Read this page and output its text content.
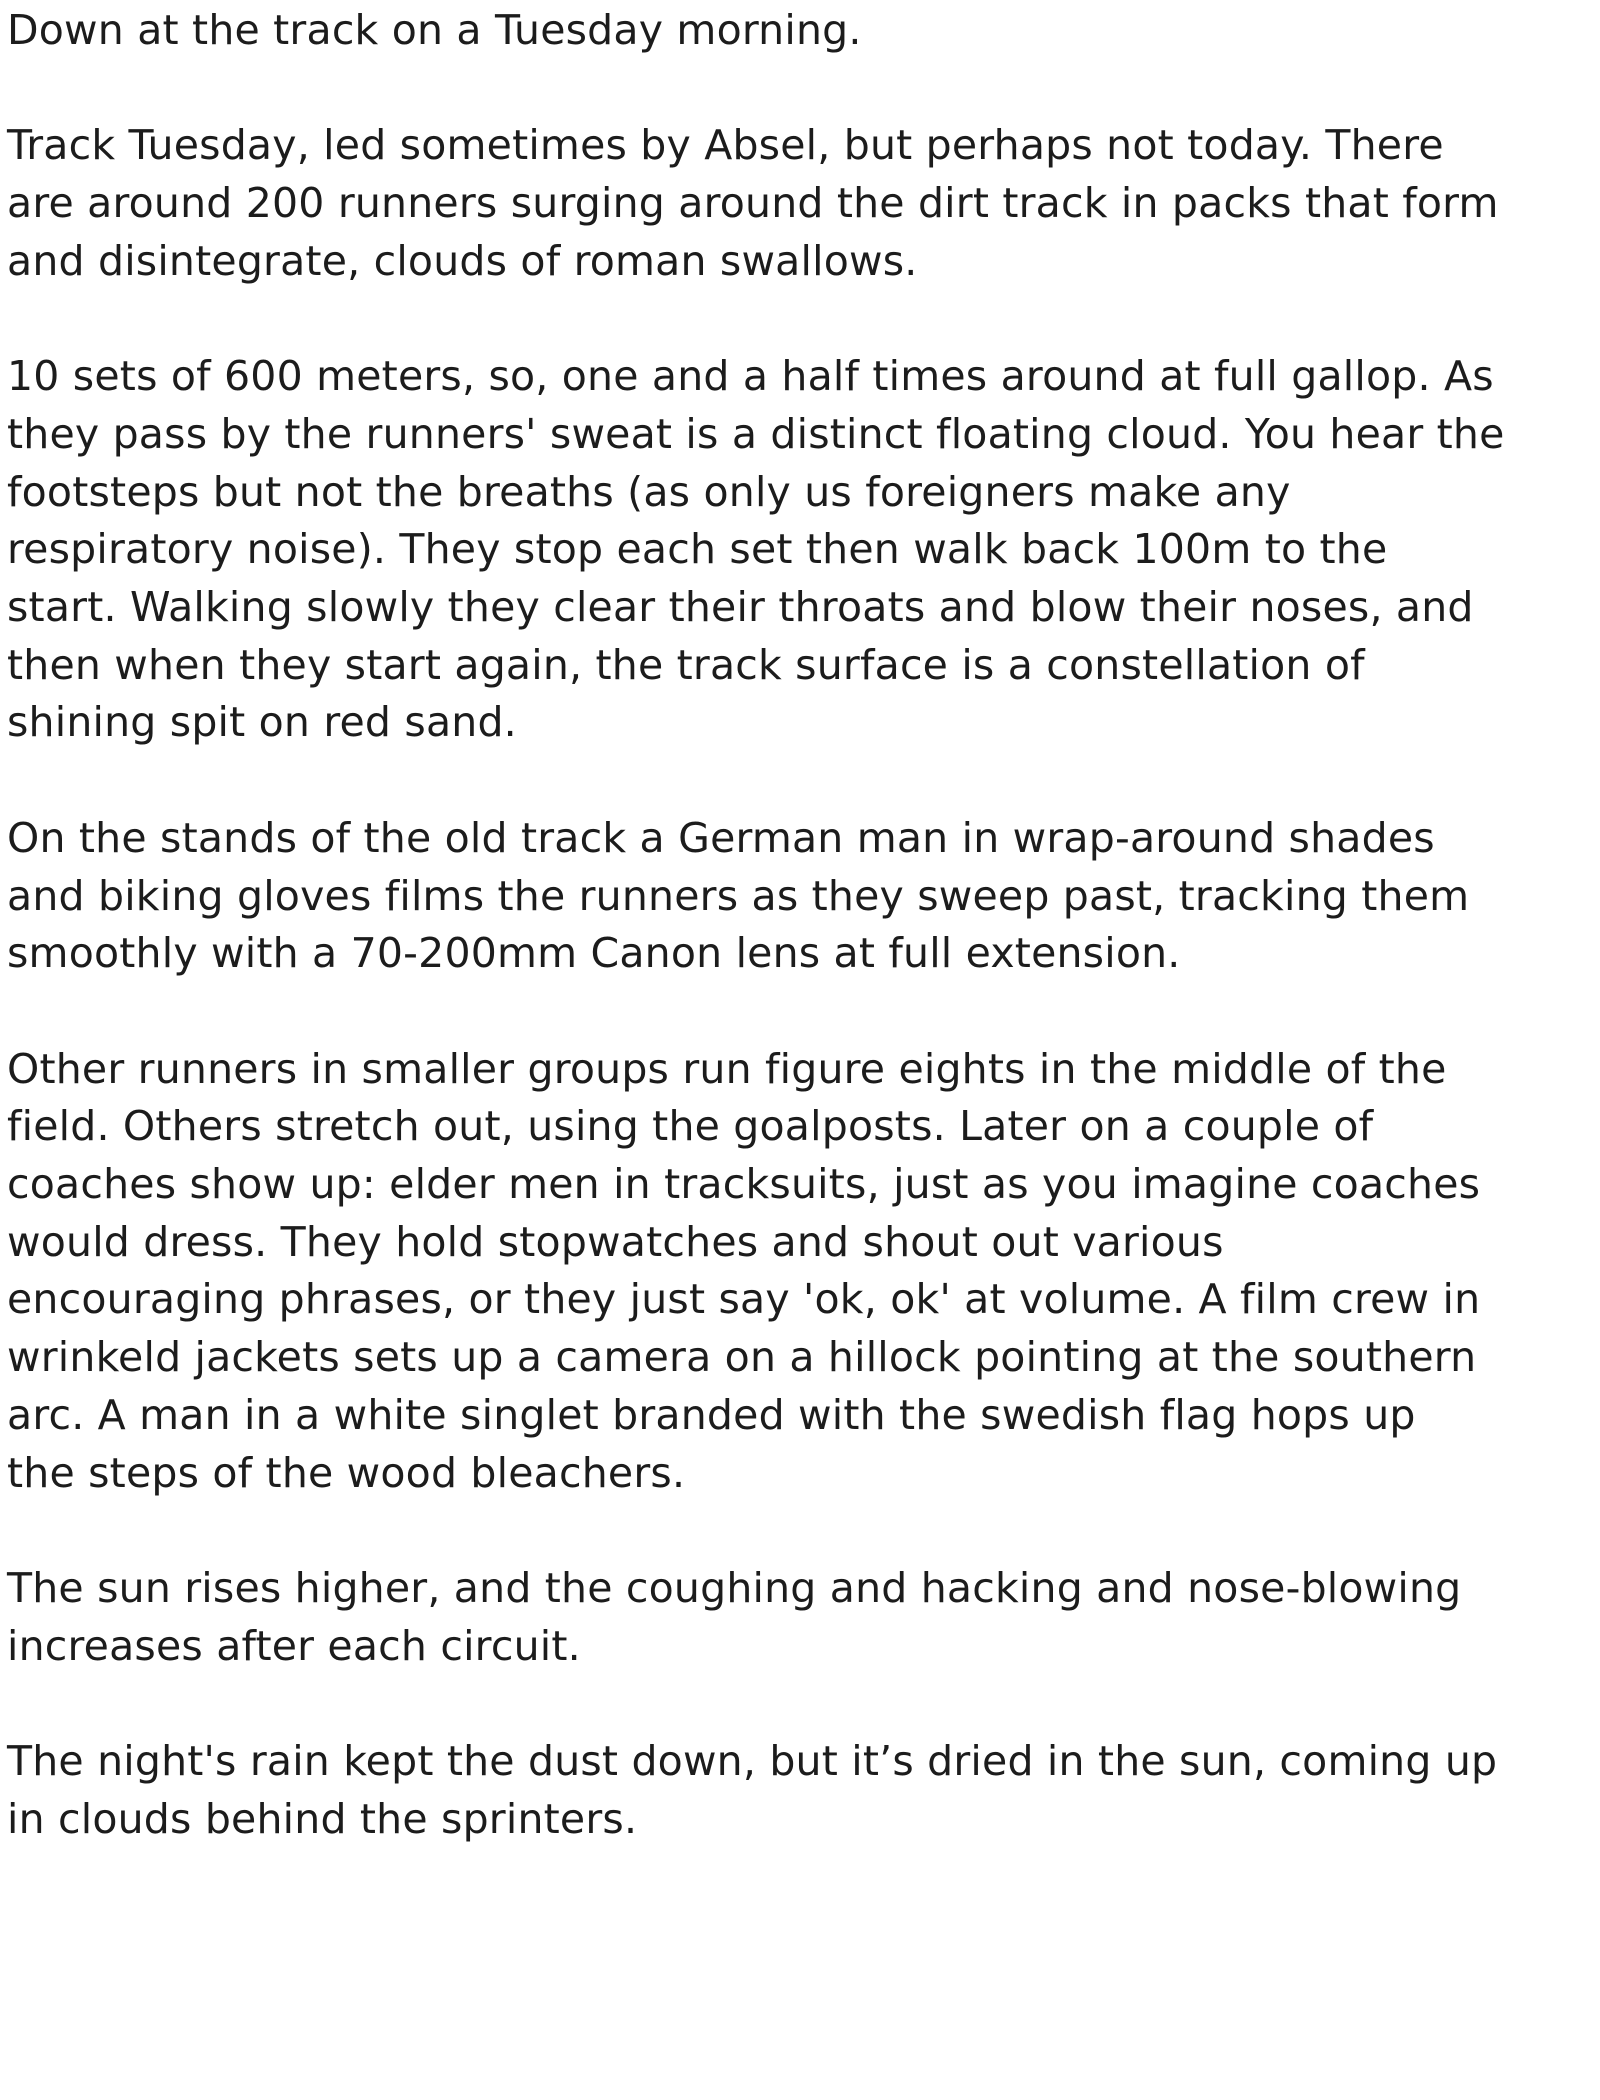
Down at the track on a Tuesday morning.

Track Tuesday, led sometimes by Absel, but perhaps not today. There
are around 200 runners surging around the dirt track in packs that form
and disintegrate, clouds of roman swallows.

10 sets of 600 meters, so, one and a half times around at full gallop. As
they pass by the runners' sweat is a distinct floating cloud. You hear the
footsteps but not the breaths (as only us foreigners make any
respiratory noise). They stop each set then walk back 100m to the
start. Walking slowly they clear their throats and blow their noses, and
then when they start again, the track surface is a constellation of
shining spit on red sand.

On the stands of the old track a German man in wrap-around shades
and biking gloves films the runners as they sweep past, tracking them
smoothly with a 70-200mm Canon lens at full extension.

Other runners in smaller groups run figure eights in the middle of the
field. Others stretch out, using the goalposts. Later on a couple of
coaches show up: elder men in tracksuits, just as you imagine coaches
would dress. They hold stopwatches and shout out various
encouraging phrases, or they just say 'ok, ok' at volume. A film crew in
wrinkeld jackets sets up a camera on a hillock pointing at the southern
arc. A man in a white singlet branded with the swedish flag hops up
the steps of the wood bleachers.

The sun rises higher, and the coughing and hacking and nose-blowing
increases after each circuit.

The night's rain kept the dust down, but it’s dried in the sun, coming up
in clouds behind the sprinters.
